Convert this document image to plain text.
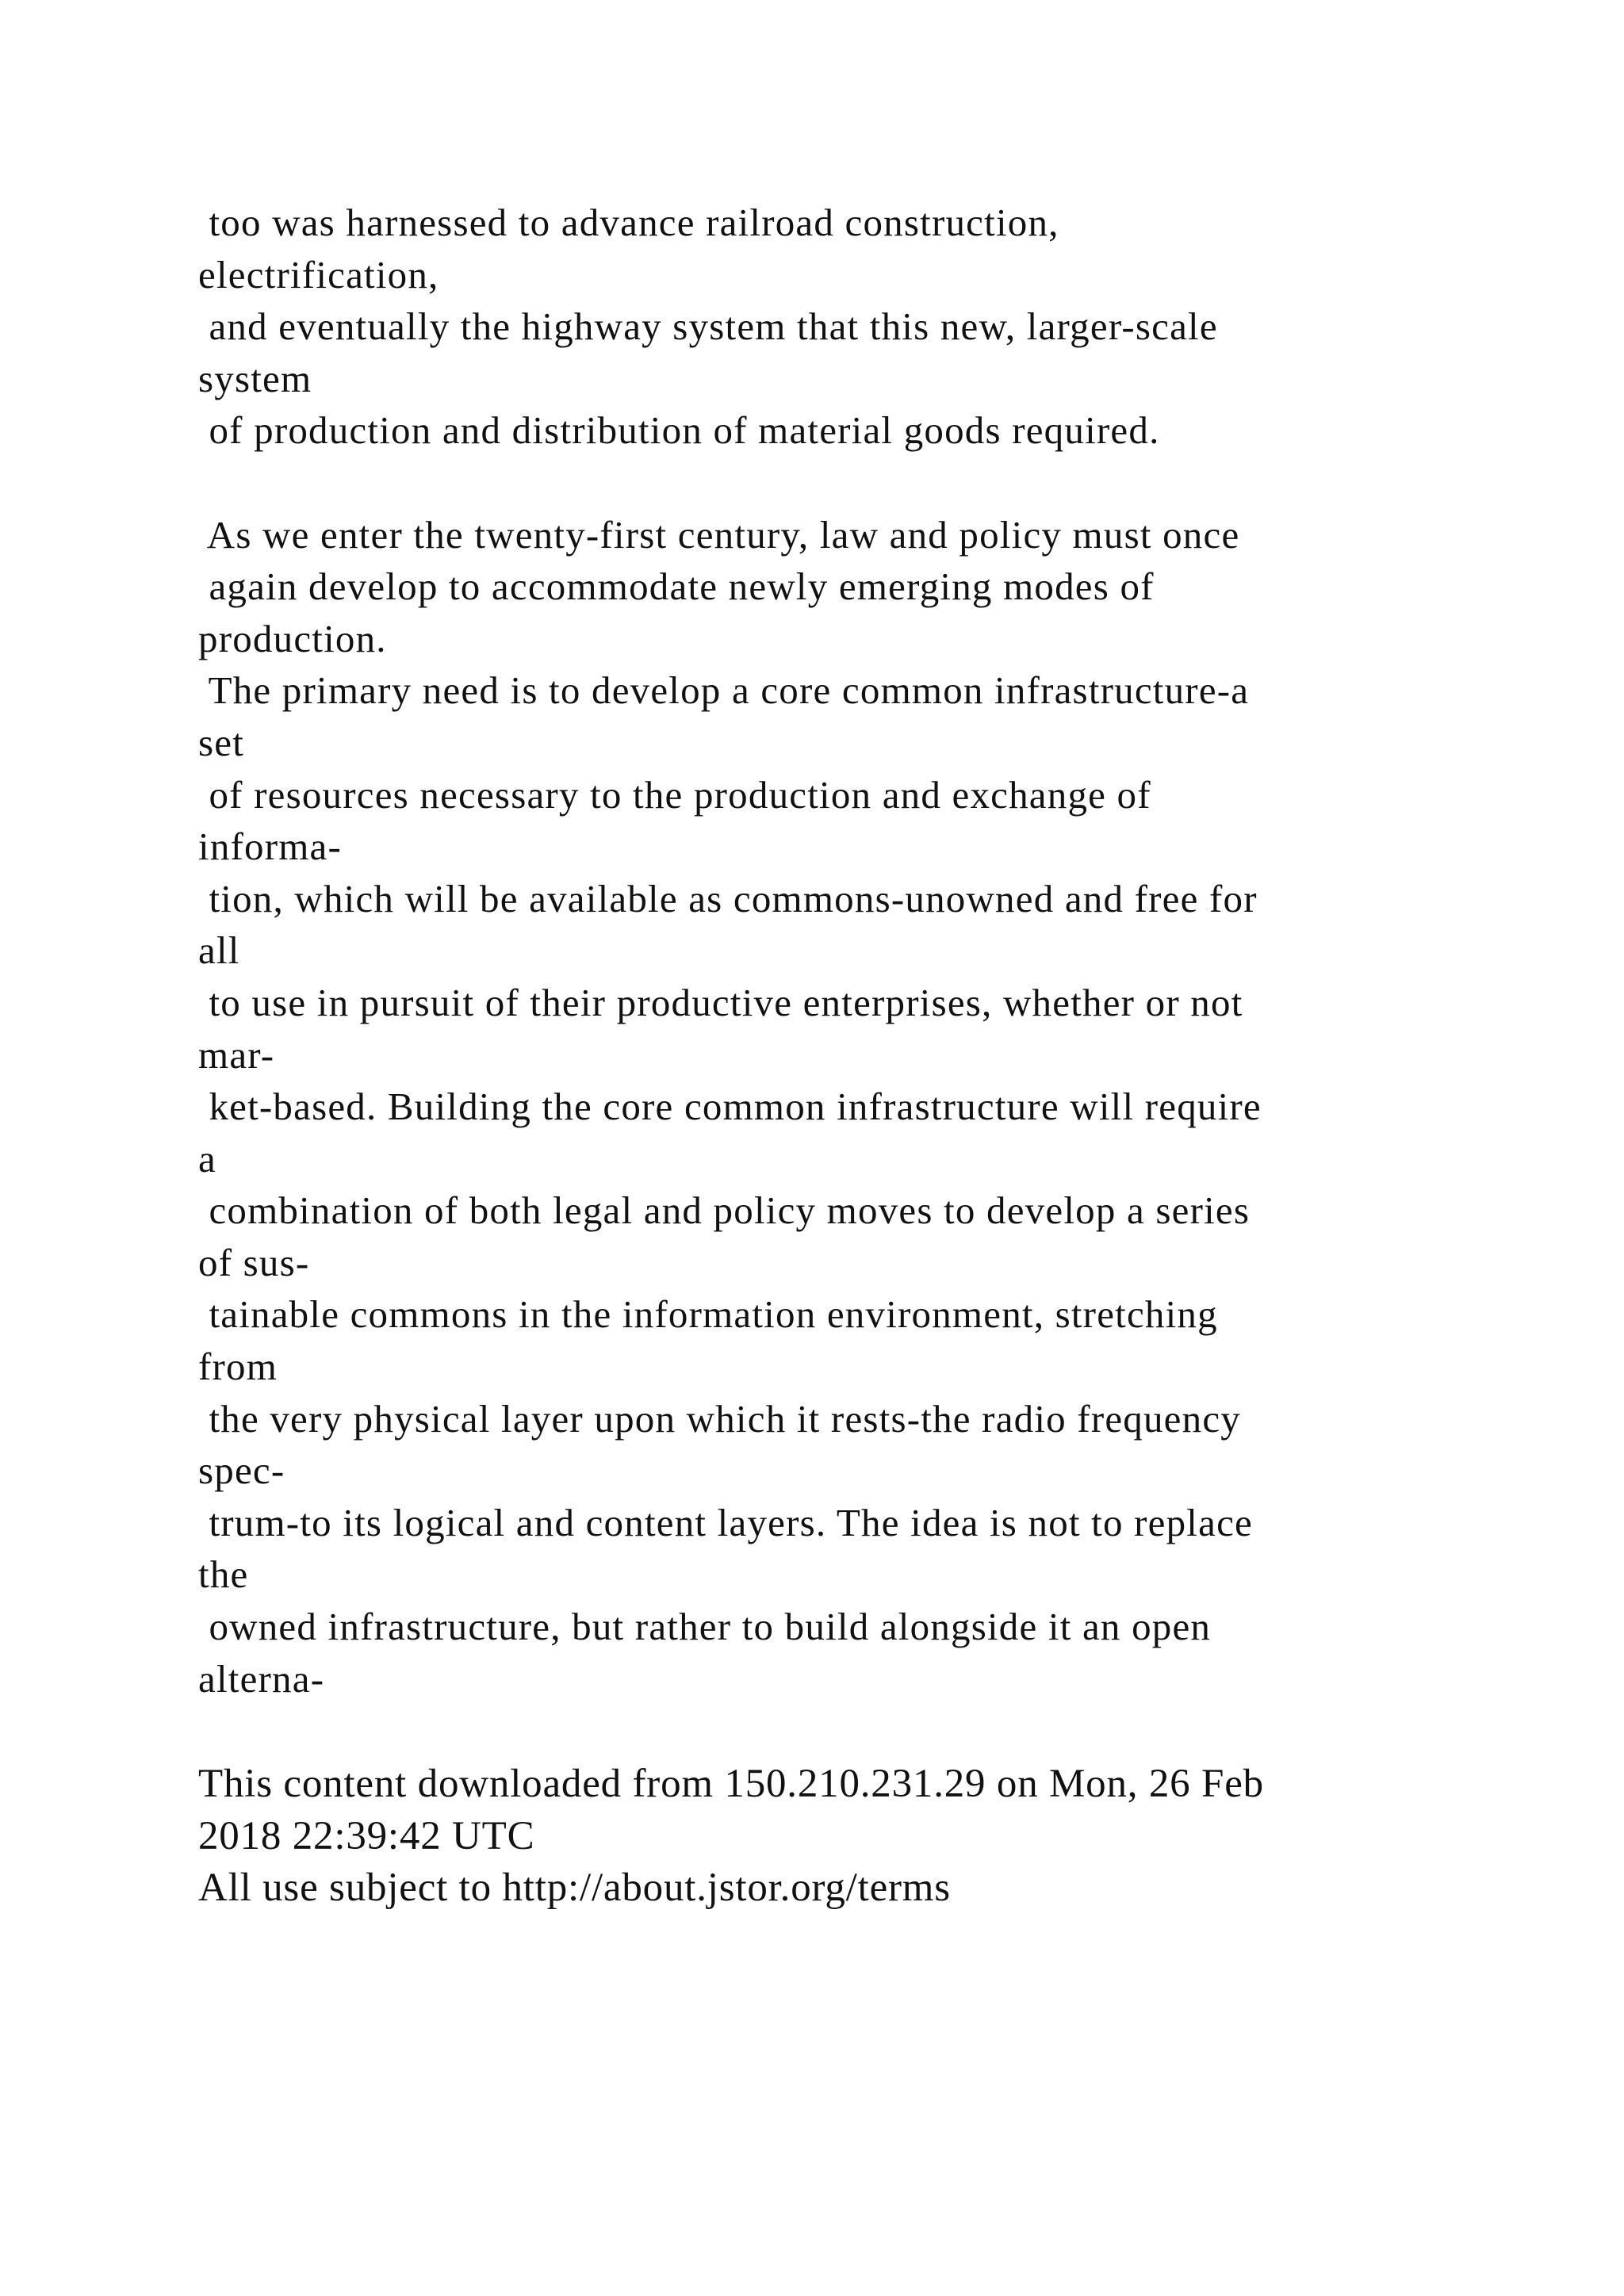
too was harnessed to advance railroad construction,
electrification,
and eventually the highway system that this new, larger-scale
system
of production and distribution of material goods required.
As we enter the twenty-first century, law and policy must once
again develop to accommodate newly emerging modes of
production.
The primary need is to develop a core common infrastructure-a
set
of resources necessary to the production and exchange of
informa-
tion, which will be available as commons-unowned and free for
all
to use in pursuit of their productive enterprises, whether or not
mar-
ket-based. Building the core common infrastructure will require
a
combination of both legal and policy moves to develop a series
of sus-
tainable commons in the information environment, stretching
from
the very physical layer upon which it rests-the radio frequency
spec-
trum-to its logical and content layers. The idea is not to replace
the
owned infrastructure, but rather to build alongside it an open
alterna-
This content downloaded from 150.210.231.29 on Mon, 26 Feb
2018 22:39:42 UTC
All use subject to http://about.jstor.org/terms
